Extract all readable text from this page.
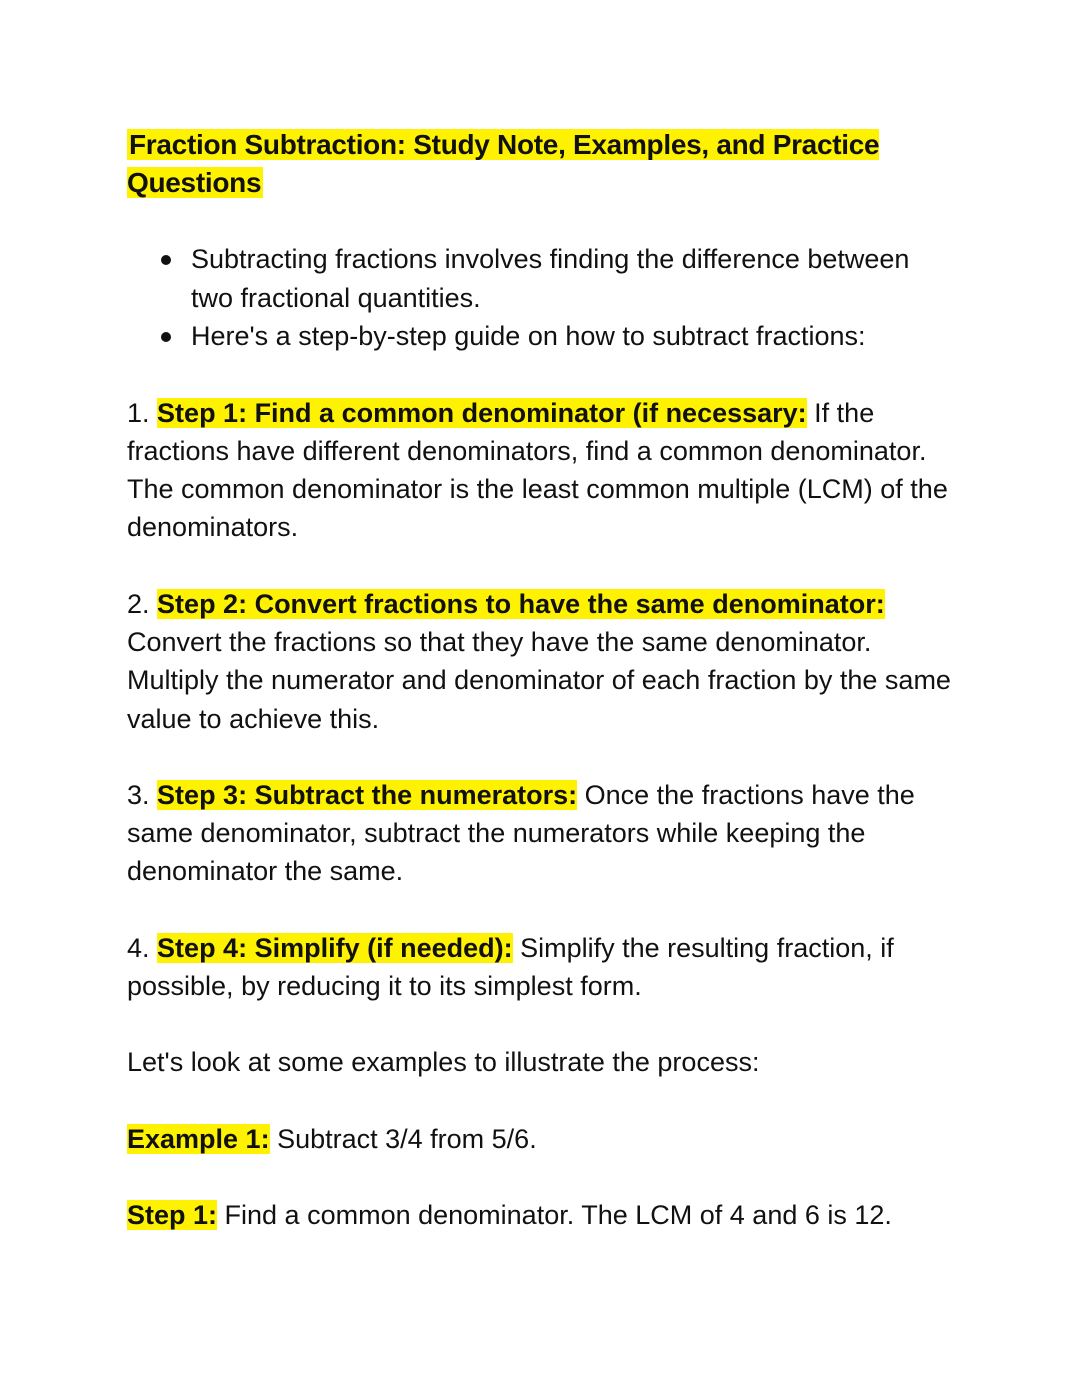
Fraction Subtraction: Study Note, Examples, and Practice Questions
Subtracting fractions involves finding the difference between two fractional quantities.
Here's a step-by-step guide on how to subtract fractions:

1. Step 1: Find a common denominator (if necessary: If the fractions have different denominators, find a common denominator. The common denominator is the least common multiple (LCM) of the denominators.

2. Step 2: Convert fractions to have the same denominator: Convert the fractions so that they have the same denominator. Multiply the numerator and denominator of each fraction by the same value to achieve this.

3. Step 3: Subtract the numerators: Once the fractions have the same denominator, subtract the numerators while keeping the denominator the same.

4. Step 4: Simplify (if needed): Simplify the resulting fraction, if possible, by reducing it to its simplest form.

Let's look at some examples to illustrate the process:

Example 1: Subtract 3/4 from 5/6.

Step 1: Find a common denominator. The LCM of 4 and 6 is 12.
